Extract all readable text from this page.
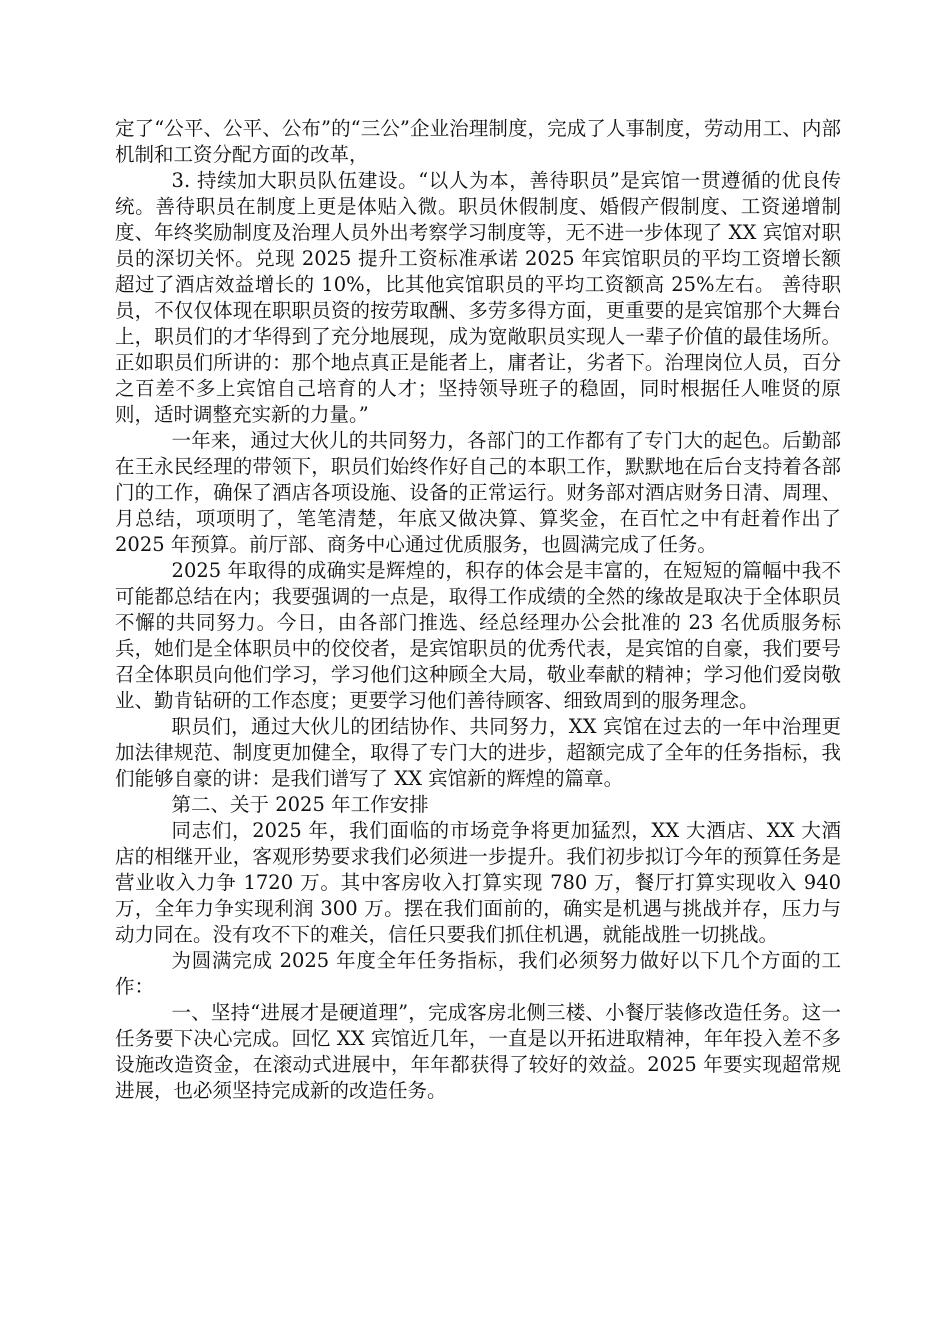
定了“公平、公平、公布”的“三公”企业治理制度，完成了人事制度，劳动用工、内部机制和工资分配方面的改革，

3. 持续加大职员队伍建设。“以人为本，善待职员”是宾馆一贯遵循的优良传统。善待职员在制度上更是体贴入微。职员休假制度、婚假产假制度、工资递增制度、年终奖励制度及治理人员外出考察学习制度等，无不进一步体现了 XX 宾馆对职员的深切关怀。兑现 2025 提升工资标准承诺 2025 年宾馆职员的平均工资增长额超过了酒店效益增长的 10%，比其他宾馆职员的平均工资额高 25%左右。 善待职员，不仅仅体现在职职员资的按劳取酬、多劳多得方面，更重要的是宾馆那个大舞台上，职员们的才华得到了充分地展现，成为宽敞职员实现人一辈子价值的最佳场所。正如职员们所讲的：那个地点真正是能者上，庸者让，劣者下。治理岗位人员，百分之百差不多上宾馆自己培育的人才；坚持领导班子的稳固，同时根据任人唯贤的原则，适时调整充实新的力量。”

一年来，通过大伙儿的共同努力，各部门的工作都有了专门大的起色。后勤部在王永民经理的带领下，职员们始终作好自己的本职工作，默默地在后台支持着各部门的工作，确保了酒店各项设施、设备的正常运行。财务部对酒店财务日清、周理、月总结，项项明了，笔笔清楚，年底又做决算、算奖金，在百忙之中有赶着作出了 2025 年预算。前厅部、商务中心通过优质服务，也圆满完成了任务。

2025 年取得的成确实是辉煌的，积存的体会是丰富的，在短短的篇幅中我不可能都总结在内；我要强调的一点是，取得工作成绩的全然的缘故是取决于全体职员不懈的共同努力。今日，由各部门推选、经总经理办公会批准的 23 名优质服务标兵，她们是全体职员中的佼佼者，是宾馆职员的优秀代表，是宾馆的自豪，我们要号召全体职员向他们学习，学习他们这种顾全大局，敬业奉献的精神；学习他们爱岗敬业、勤肯钻研的工作态度；更要学习他们善待顾客、细致周到的服务理念。

职员们，通过大伙儿的团结协作、共同努力，XX 宾馆在过去的一年中治理更加法律规范、制度更加健全，取得了专门大的进步，超额完成了全年的任务指标，我们能够自豪的讲：是我们谱写了 XX 宾馆新的辉煌的篇章。

第二、关于 2025 年工作安排

同志们，2025 年，我们面临的市场竞争将更加猛烈，XX 大酒店、XX 大酒店的相继开业，客观形势要求我们必须进一步提升。我们初步拟订今年的预算任务是营业收入力争 1720 万。其中客房收入打算实现 780 万，餐厅打算实现收入 940 万，全年力争实现利润 300 万。摆在我们面前的，确实是机遇与挑战并存，压力与动力同在。没有攻不下的难关，信任只要我们抓住机遇，就能战胜一切挑战。

为圆满完成 2025 年度全年任务指标，我们必须努力做好以下几个方面的工作：

一、坚持“进展才是硬道理”，完成客房北侧三楼、小餐厅装修改造任务。这一任务要下决心完成。回忆 XX 宾馆近几年，一直是以开拓进取精神，年年投入差不多设施改造资金，在滚动式进展中，年年都获得了较好的效益。2025 年要实现超常规进展，也必须坚持完成新的改造任务。
